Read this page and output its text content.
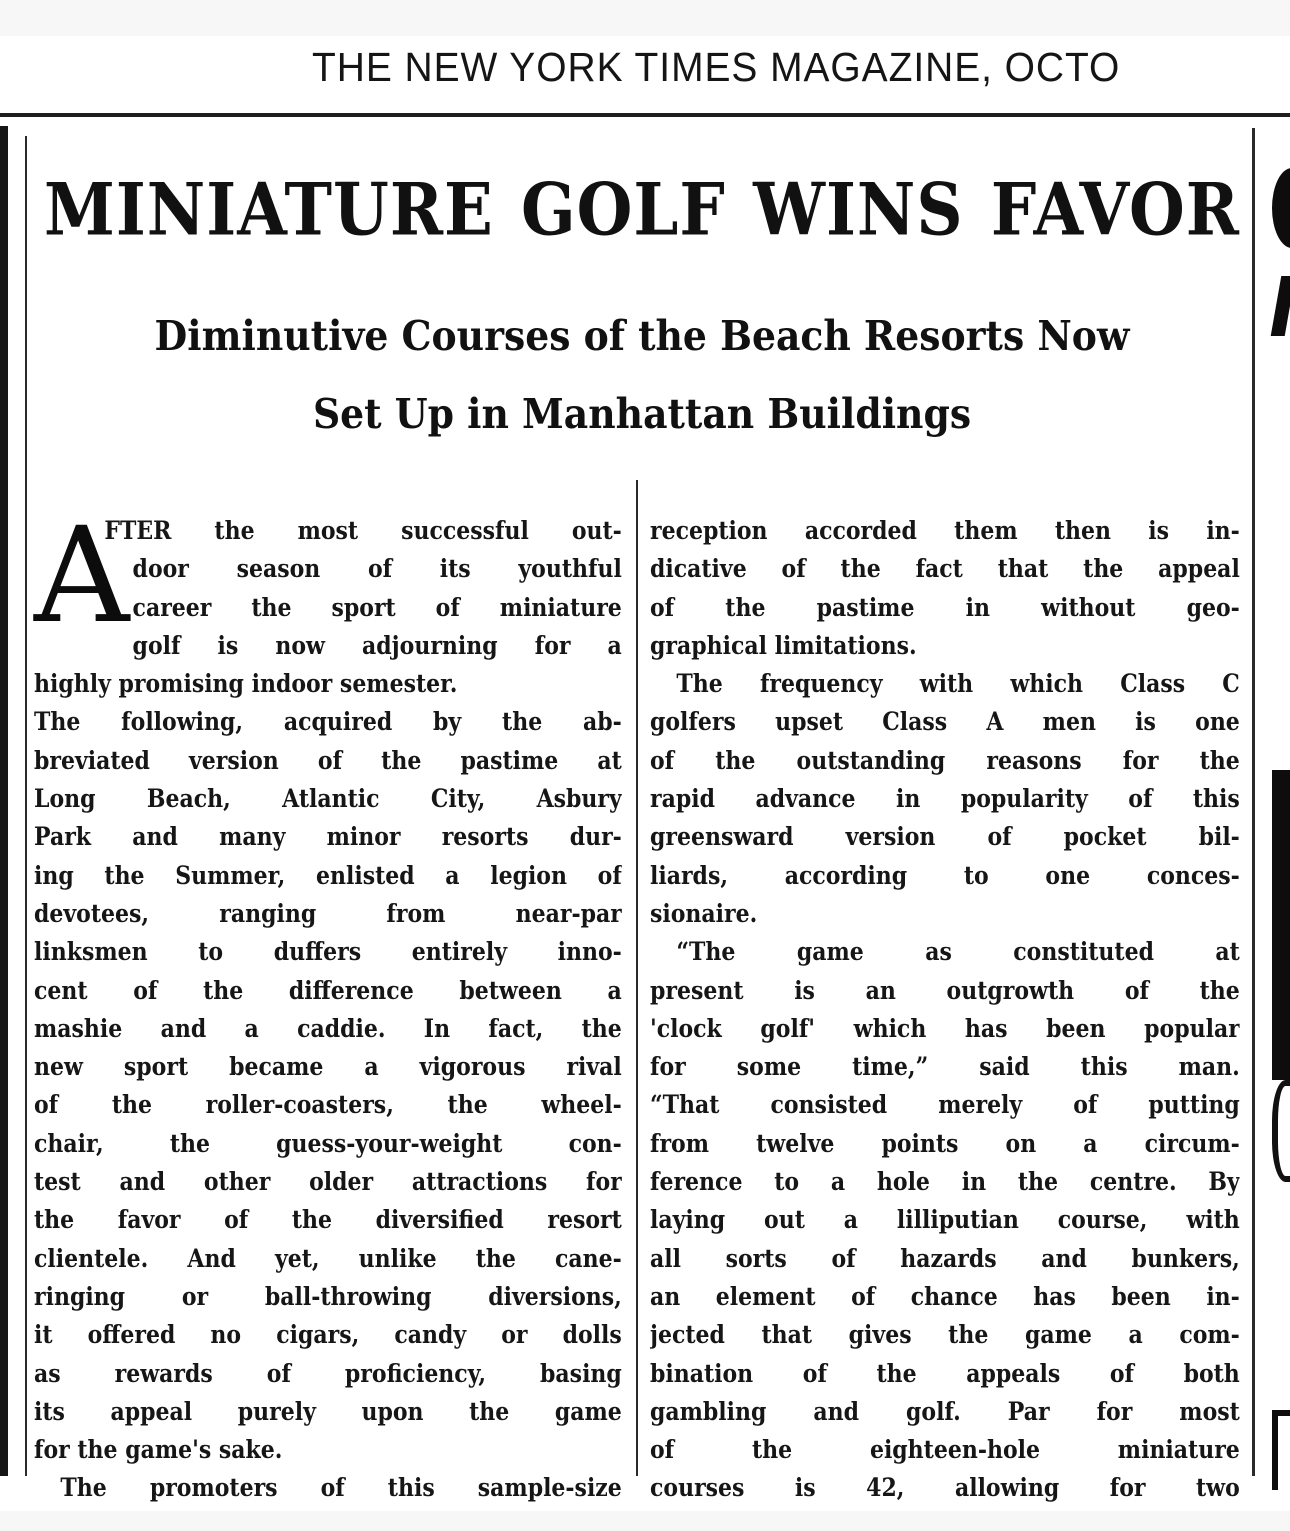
THE NEW YORK TIMES MAGAZINE, OCTO
MINIATURE GOLF WINS FAVOR
Diminutive Courses of the Beach Resorts Now
Set Up in Manhattan Buildings
A
FTER the most successful out-
door season of its youthful
career the sport of miniature
golf is now adjourning for a
highly promising indoor semester.
The following, acquired by the ab-
breviated version of the pastime at
Long Beach, Atlantic City, Asbury
Park and many minor resorts dur-
ing the Summer, enlisted a legion of
devotees, ranging from near-par
linksmen to duffers entirely inno-
cent of the difference between a
mashie and a caddie. In fact, the
new sport became a vigorous rival
of the roller-coasters, the wheel-
chair, the guess-your-weight con-
test and other older attractions for
the favor of the diversified resort
clientele. And yet, unlike the cane-
ringing or ball-throwing diversions,
it offered no cigars, candy or dolls
as rewards of proficiency, basing
its appeal purely upon the game
for the game's sake.
The promoters of this sample-size
reception accorded them then is in-
dicative of the fact that the appeal
of the pastime in without geo-
graphical limitations.
The frequency with which Class C
golfers upset Class A men is one
of the outstanding reasons for the
rapid advance in popularity of this
greensward version of pocket bil-
liards, according to one conces-
sionaire.
“The game as constituted at
present is an outgrowth of the
'clock golf' which has been popular
for some time,” said this man.
“That consisted merely of putting
from twelve points on a circum-
ference to a hole in the centre. By
laying out a lilliputian course, with
all sorts of hazards and bunkers,
an element of chance has been in-
jected that gives the game a com-
bination of the appeals of both
gambling and golf. Par for most
of the eighteen-hole miniature
courses is 42, allowing for two
